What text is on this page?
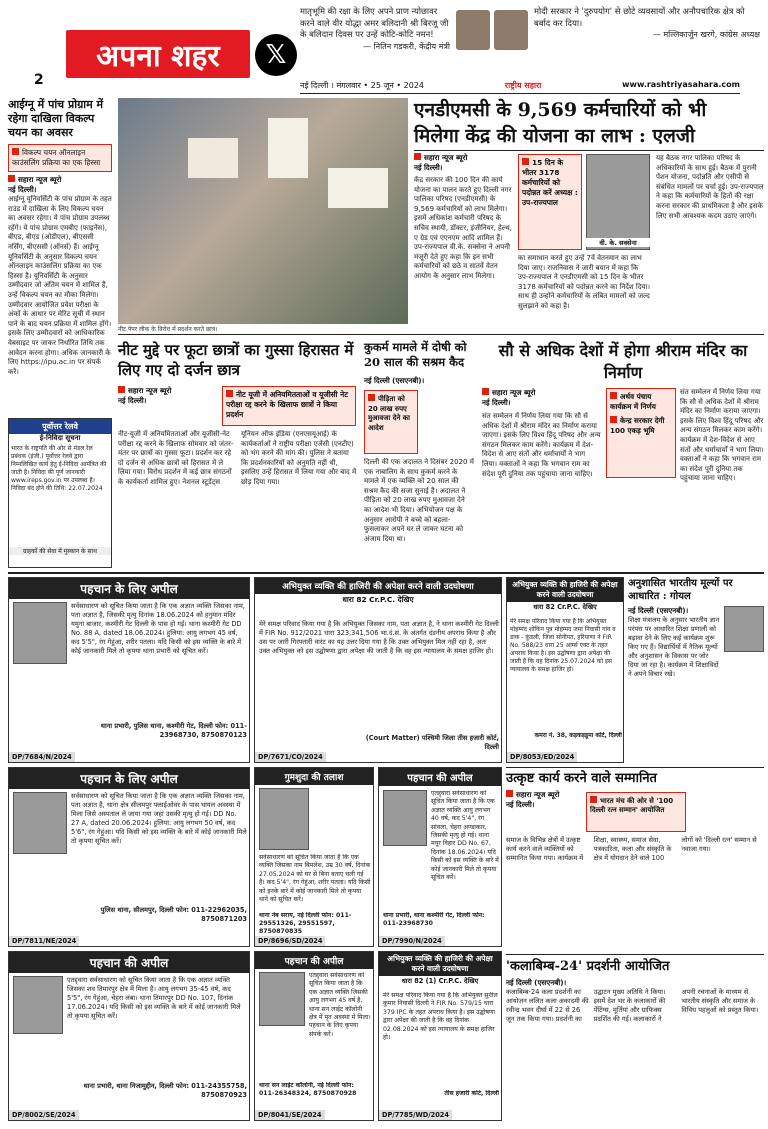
अपना शहर	𝕏
2
मातृभूमि की रक्षा के लिए अपने प्राण न्योछावर करने वाले वीर योद्धा अमर बलिदानी श्री बिरजू जी के बलिदान दिवस पर उन्हें कोटि-कोटि नमन!
— नितिन गडकरी, केंद्रीय मंत्री
मोदी सरकार ने 'दुरुपयोग' से छोटे व्यवसायों और अनौपचारिक क्षेत्र को बर्बाद कर दिया।
— मल्लिकार्जुन खरगे, कांग्रेस अध्यक्ष
नई दिल्ली । मंगलवार • 25 जून • 2024	राष्ट्रीय सहारा	www.rashtriyasahara.com
आईग्नू में पांच प्रोग्राम में रहेगा दाखिला विकल्प चयन का अवसर
विकल्प चयन ऑनलाइन काउंसलिंग प्रक्रिया का एक हिस्सा
सहारा न्यूज ब्यूरो
नई दिल्ली।
आईग्नू यूनिवर्सिटी के पांच प्रोग्राम के तहत राउंड में दाखिला के लिए विकल्प चयन का अवसर रहेगा। ये पांच प्रोग्राम उपलब्ध रहेंगे। ये पांच प्रोग्राम एमबीए (फाइनेंस), बीएड, बीएड (ओडीएल), बीएससी नर्सिंग, बीएससी (ऑनर्स) हैं। आईग्नू यूनिवर्सिटी के अनुसार विकल्प चयन ऑनलाइन काउंसलिंग प्रक्रिया का एक हिस्सा है। यूनिवर्सिटी के अनुसार उम्मीदवार जो अंतिम चयन में शामिल हैं, उन्हें विकल्प चयन का मौका मिलेगा। उम्मीदवार आयोजित प्रवेश परीक्षा के अंकों के आधार पर मेरिट सूची में स्थान पाने के बाद चयन प्रक्रिया में शामिल होंगे। इसके लिए उम्मीदवारों को आधिकारिक वेबसाइट पर जाकर निर्धारित तिथि तक आवेदन करना होगा। अधिक जानकारी के लिए https://ipu.ac.in पर संपर्क करें।
पूर्वोत्तर रेलवे
ई-निविदा सूचना
भारत के राष्ट्रपति की ओर से मंडल रेल प्रबंधक (इंजी.) पूर्वोत्तर रेलवे द्वारा निम्नलिखित कार्य हेतु ई-निविदा आमंत्रित की जाती है। निविदा की पूर्ण जानकारी www.ireps.gov.in पर उपलब्ध है। निविदा बंद होने की तिथि: 22.07.2024
ग्राहकों की सेवा में मुस्कान के साथ
नीट पेपर लीक के विरोध में प्रदर्शन करते छात्र।
एनडीएमसी के 9,569 कर्मचारियों को भी
मिलेगा केंद्र की योजना का लाभ : एलजी
सहारा न्यूज ब्यूरो
नई दिल्ली।
केंद्र सरकार की 100 दिन की कार्य योजना का पालन करते हुए दिल्ली नगर पालिका परिषद (एनडीएमसी) के 9,569 कर्मचारियों को लाभ मिलेगा। इसमें अधिकांश कर्मचारी परिषद के सचिव स्थायी, डॉक्टर, इंजीनियर, हेल्थ, ए ग्रेड एवं एएनएम आदि शामिल हैं। उप-राज्यपाल वी.के. सक्सेना ने अपनी मंजूरी देते हुए कहा कि इन सभी कर्मचारियों को छठे व सातवें वेतन आयोग के अनुसार लाभ मिलेगा।
15 दिन के भीतर 3178 कर्मचारियों को पदोन्नत करें अध्यक्ष : उप-राज्यपाल
वी. के. सक्सेना
का समाधान करते हुए उन्हें 7वें वेतनमान का लाभ दिया जाए। राजनिवास ने जारी बयान में कहा कि उप-राज्यपाल ने एनडीएमसी को 15 दिन के भीतर 3178 कर्मचारियों को पदोन्नत करने का निर्देश दिया। साथ ही उन्होंने कर्मचारियों के लंबित मामलों को जल्द सुलझाने को कहा है।
यह बैठक नगर पालिका परिषद के अधिकारियों के साथ हुई। बैठक में पुरानी पेंशन योजना, पदोन्नति और एसीपी से संबंधित मामलों पर चर्चा हुई। उप-राज्यपाल ने कहा कि कर्मचारियों के हितों की रक्षा करना सरकार की प्राथमिकता है और इसके लिए सभी आवश्यक कदम उठाए जाएंगे।
नीट मुद्दे पर फूटा छात्रों का गुस्सा हिरासत में लिए गए दो दर्जन छात्र
सहारा न्यूज ब्यूरो
नई दिल्ली।
नीट यूजी में अनियमितताओं व यूजीसी नेट परीक्षा रद्द करने के खिलाफ छात्रों ने किया प्रदर्शन
नीट-यूजी में अनियमितताओं और यूजीसी-नेट परीक्षा रद्द करने के खिलाफ सोमवार को जंतर-मंतर पर छात्रों का गुस्सा फूटा। प्रदर्शन कर रहे दो दर्जन से अधिक छात्रों को हिरासत में ले लिया गया। विरोध प्रदर्शन में कई छात्र संगठनों के कार्यकर्ता शामिल हुए। नेशनल स्टूडेंट्स यूनियन ऑफ इंडिया (एनएसयूआई) के कार्यकर्ताओं ने राष्ट्रीय परीक्षा एजेंसी (एनटीए) को भंग करने की मांग की। पुलिस ने बताया कि प्रदर्शनकारियों को अनुमति नहीं थी, इसलिए उन्हें हिरासत में लिया गया और बाद में छोड़ दिया गया।
कुकर्म मामले में दोषी को 20 साल की सश्रम कैद
नई दिल्ली (एसएनबी)।
पीड़िता को 20 लाख रुपए मुआवजा देने का आदेश
दिल्ली की एक अदालत ने दिसंबर 2020 में एक नाबालिग के साथ कुकर्म करने के मामले में एक व्यक्ति को 20 साल की सश्रम कैद की सजा सुनाई है। अदालत ने पीड़िता को 20 लाख रुपए मुआवजा देने का आदेश भी दिया। अभियोजन पक्ष के अनुसार आरोपी ने बच्चे को बहला-फुसलाकर अपने घर ले जाकर घटना को अंजाम दिया था।
सौ से अधिक देशों में होगा श्रीराम मंदिर का निर्माण
सहारा न्यूज ब्यूरो
नई दिल्ली।
अर्थव पंचाय कार्यक्रम में निर्णय
केन्द्र सरकार देगी 100 एकड़ भूमि
संत सम्मेलन में निर्णय लिया गया कि सौ से अधिक देशों में श्रीराम मंदिर का निर्माण कराया जाएगा। इसके लिए विश्व हिंदू परिषद और अन्य संगठन मिलकर काम करेंगे। कार्यक्रम में देश-विदेश से आए संतों और धर्माचार्यों ने भाग लिया। वक्ताओं ने कहा कि भगवान राम का संदेश पूरी दुनिया तक पहुंचाया जाना चाहिए।
संत सम्मेलन में निर्णय लिया गया कि सौ से अधिक देशों में श्रीराम मंदिर का निर्माण कराया जाएगा। इसके लिए विश्व हिंदू परिषद और अन्य संगठन मिलकर काम करेंगे। कार्यक्रम में देश-विदेश से आए संतों और धर्माचार्यों ने भाग लिया। वक्ताओं ने कहा कि भगवान राम का संदेश पूरी दुनिया तक पहुंचाया जाना चाहिए।
पहचान के लिए अपील
सर्वसाधारण को सूचित किया जाता है कि एक अज्ञात व्यक्ति जिसका नाम, पता अज्ञात है, जिसकी मृत्यु दिनांक 18.06.2024 को हनुमान मंदिर यमुना बाजार, कश्मीरी गेट दिल्ली के पास हो गई। थाना कश्मीरी गेट DD No. 88 A, dated 18.06.2024। हुलिया: आयु लगभग 45 वर्ष, कद 5'5", रंग गेहुंआ, शरीर पतला। यदि किसी को इस व्यक्ति के बारे में कोई जानकारी मिले तो कृपया थाना प्रभारी को सूचित करें।
थाना प्रभारी, पुलिस थाना, कश्मीरी गेट, दिल्ली फोन: 011-23968730, 8750870123
DP/7684/N/2024
अभियुक्त व्यक्ति की हाजिरी की अपेक्षा करने वाली उदघोषणा
धारा 82 Cr.P.C. देखिए
मेरे समक्ष परिवाद किया गया है कि अभियुक्त जिसका नाम, पता अज्ञात है, ने थाना कश्मीरी गेट दिल्ली में FIR No. 912/2021 धारा 323,341,506 भा.दं.सं. के अंतर्गत दंडनीय अपराध किया है और उस पर जारी गिरफ्तारी वारंट का यह उत्तर दिया गया है कि उक्त अभियुक्त मिल नहीं रहा है, अतः उक्त अभियुक्त को इस उद्घोषणा द्वारा अपेक्षा की जाती है कि वह इस न्यायालय के समक्ष हाजिर हो।
(Court Matter) पश्चिमी जिला तीस हजारी कोर्ट, दिल्ली
DP/7671/CO/2024
अनुशासित भारतीय मूल्यों पर आधारित : गोयल
नई दिल्ली (एसएनबी)।
शिक्षा मंत्रालय के अनुसार भारतीय ज्ञान परंपरा पर आधारित शिक्षा प्रणाली को बढ़ावा देने के लिए कई कार्यक्रम शुरू किए गए हैं। विद्यार्थियों में नैतिक मूल्यों और अनुशासन के विकास पर जोर दिया जा रहा है। कार्यक्रम में शिक्षाविदों ने अपने विचार रखे।
पहचान के लिए अपील
सर्वसाधारण को सूचित किया जाता है कि एक अज्ञात व्यक्ति जिसका नाम, पता अज्ञात है, थाना क्षेत्र सीलमपुर फ्लाईओवर के पास घायल अवस्था में मिला जिसे अस्पताल ले जाया गया जहां उसकी मृत्यु हो गई। DD No. 27 A, dated 20.06.2024। हुलिया: आयु लगभग 50 वर्ष, कद 5'6", रंग गेहुंआ। यदि किसी को इस व्यक्ति के बारे में कोई जानकारी मिले तो कृपया सूचित करें।
पुलिस थाना, सीलमपुर, दिल्ली फोन: 011-22962035, 8750871203
DP/7811/NE/2024
गुमशुदा की तलाश
सर्वसाधारण को सूचित किया जाता है कि एक व्यक्ति जिसका नाम बिमलेश, उम्र 30 वर्ष, दिनांक 27.05.2024 को घर से बिना बताए चली गई है। कद 5'4", रंग गेहुंआ, शरीर पतला। यदि किसी को इनके बारे में कोई जानकारी मिले तो कृपया थाने को सूचित करें।
थाना नेब सराय, नई दिल्ली फोन: 011-29551326, 29551597, 8750870835
DP/8696/SD/2024
पहचान की अपील
एतद्द्वारा सर्वसाधारण को सूचित किया जाता है कि एक अज्ञात व्यक्ति आयु लगभग 40 वर्ष, कद 5'4", रंग सांवला, चेहरा अण्डाकार, जिसकी मृत्यु हो गई। थाना मयूर विहार DD No. 67, दिनांक 18.06.2024। यदि किसी को इस व्यक्ति के बारे में कोई जानकारी मिले तो कृपया सूचित करें।
थाना प्रभारी, थाना कश्मीरी गेट, दिल्ली फोन: 011-23968730
DP/7990/N/2024
उत्कृष्ट कार्य करने वाले सम्मानित
सहारा न्यूज ब्यूरो
नई दिल्ली।	भारत मंच की ओर से '100 दिल्ली रत्न सम्मान' आयोजित
समाज के विभिन्न क्षेत्रों में उत्कृष्ट कार्य करने वाले व्यक्तियों को सम्मानित किया गया। कार्यक्रम में शिक्षा, स्वास्थ्य, समाज सेवा, पत्रकारिता, कला और संस्कृति के क्षेत्र में योगदान देने वाले 100 लोगों को 'दिल्ली रत्न' सम्मान से नवाजा गया।
पहचान की अपील
एतद्द्वारा सर्वसाधारण को सूचित किया जाता है कि एक अज्ञात व्यक्ति जिसका शव तिमारपुर क्षेत्र में मिला है। आयु लगभग 35-45 वर्ष, कद 5'5", रंग गेहुंआ, चेहरा लंबा। थाना तिमारपुर DD No. 107, दिनांक 17.06.2024। यदि किसी को इस व्यक्ति के बारे में कोई जानकारी मिले तो कृपया सूचित करें।
थाना प्रभारी, थाना निजामुद्दीन, दिल्ली फोन: 011-24355758, 8750870923
DP/8002/SE/2024
पहचान की अपील
एतद्द्वारा सर्वसाधारण को सूचित किया जाता है कि एक अज्ञात व्यक्ति जिसकी आयु लगभग 45 वर्ष है, थाना सन लाईट कॉलोनी क्षेत्र में मृत अवस्था में मिला। पहचान के लिए कृपया संपर्क करें।
थाना सन लाईट कॉलोनी, नई दिल्ली फोन: 011-26348324, 8750870928
DP/8041/SE/2024
अभियुक्त व्यक्ति की हाजिरी की अपेक्षा करने वाली उदघोषणा
धारा 82 (1) Cr.P.C. देखिए
मेरे समक्ष परिवाद किया गया है कि अभियुक्त सुनील कुमार निवासी दिल्ली ने FIR No. 579/15 धारा 379 IPC के तहत अपराध किया है। इस उद्घोषणा द्वारा अपेक्षा की जाती है कि वह दिनांक 02.08.2024 को इस न्यायालय के समक्ष हाजिर हो।
तीस हजारी कोर्ट, दिल्ली
DP/7785/WD/2024
'कलाबिम्ब-24' प्रदर्शनी आयोजित
नई दिल्ली (एसएनबी)।
कलाबिम्ब-24 कला प्रदर्शनी का आयोजन ललित कला अकादमी की रवीन्द्र भवन दीर्घा में 22 से 26 जून तक किया गया। प्रदर्शनी का उद्घाटन मुख्य अतिथि ने किया। इसमें देश भर के कलाकारों की पेंटिंग्स, मूर्तियां और ग्राफिक्स प्रदर्शित की गईं। कलाकारों ने अपनी रचनाओं के माध्यम से भारतीय संस्कृति और समाज के विविध पहलुओं को प्रस्तुत किया।
अभियुक्त व्यक्ति की हाजिरी की अपेक्षा करने वाली उदघोषणा
धारा 82 Cr.P.C. देखिए
मेरे समक्ष परिवाद किया गया है कि अभियुक्त मोहम्मद शोकिन पुत्र मोहम्मद जमा निवासी गांव व डाक - कुंडली, जिला सोनीपत, हरियाणा ने FIR No. 588/23 धारा 25 आर्म्स एक्ट के तहत अपराध किया है। इस उद्घोषणा द्वारा अपेक्षा की जाती है कि वह दिनांक 25.07.2024 को इस न्यायालय के समक्ष हाजिर हो।
कमरा नं. 38, कड़कड़डूमा कोर्ट, दिल्ली
DP/8053/ED/2024
